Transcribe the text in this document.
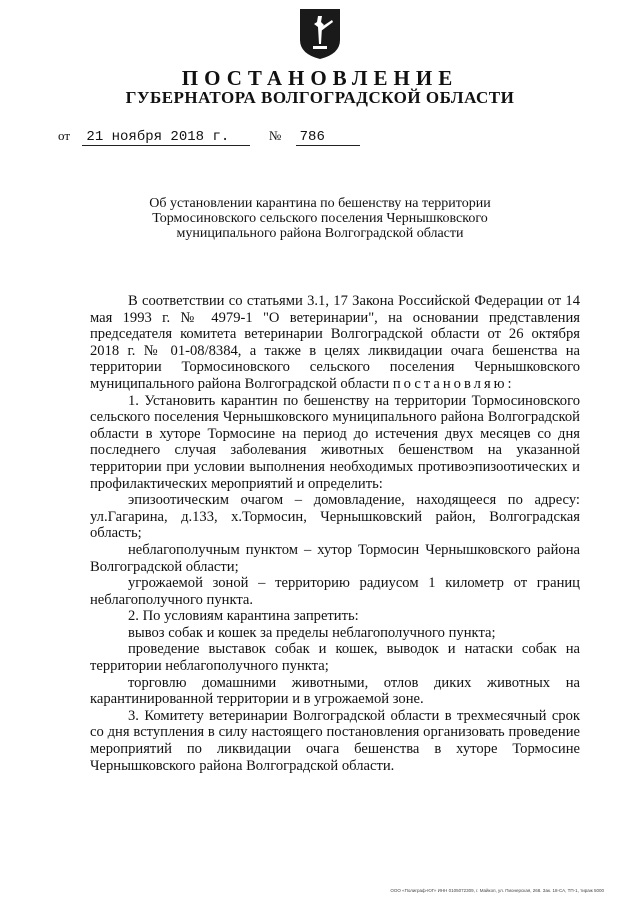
ПОСТАНОВЛЕНИЕ
ГУБЕРНАТОРА ВОЛГОГРАДСКОЙ ОБЛАСТИ
от 21 ноября 2018 г.	№ 786
Об установлении карантина по бешенству на территории
Тормосиновского сельского поселения Чернышковского
муниципального района Волгоградской области

В соответствии со статьями 3.1, 17 Закона Российской Федерации от 14 мая 1993 г. № 4979-1 "О ветеринарии", на основании представления председателя комитета ветеринарии Волгоградской области от 26 октября 2018 г. № 01-08/8384, а также в целях ликвидации очага бешенства на территории Тормосиновского сельского поселения Чернышковского муниципального района Волгоградской области постановляю:

1. Установить карантин по бешенству на территории Тормосиновского сельского поселения Чернышковского муниципального района Волгоградской области в хуторе Тормосине на период до истечения двух месяцев со дня последнего случая заболевания животных бешенством на указанной территории при условии выполнения необходимых противоэпизоотических и профилактических мероприятий и определить:

эпизоотическим очагом – домовладение, находящееся по адресу: ул.Гагарина, д.133, х.Тормосин, Чернышковский район, Волгоградская область;

неблагополучным пунктом – хутор Тормосин Чернышковского района Волгоградской области;

угрожаемой зоной – территорию радиусом 1 километр от границ неблагополучного пункта.

2. По условиям карантина запретить:

вывоз собак и кошек за пределы неблагополучного пункта;

проведение выставок собак и кошек, выводок и натаски собак на территории неблагополучного пункта;

торговлю домашними животными, отлов диких животных на карантинированной территории и в угрожаемой зоне.

3. Комитету ветеринарии Волгоградской области в трехмесячный срок со дня вступления в силу настоящего постановления организовать проведение мероприятий по ликвидации очага бешенства в хуторе Тормосине Чернышковского района Волгоградской области.

ООО «Полиграф-ЮГ» ИНН 0105072309, г. Майкоп, ул. Пионерская, 268. Зак. 18-СА, ТП-1, тираж 5000
